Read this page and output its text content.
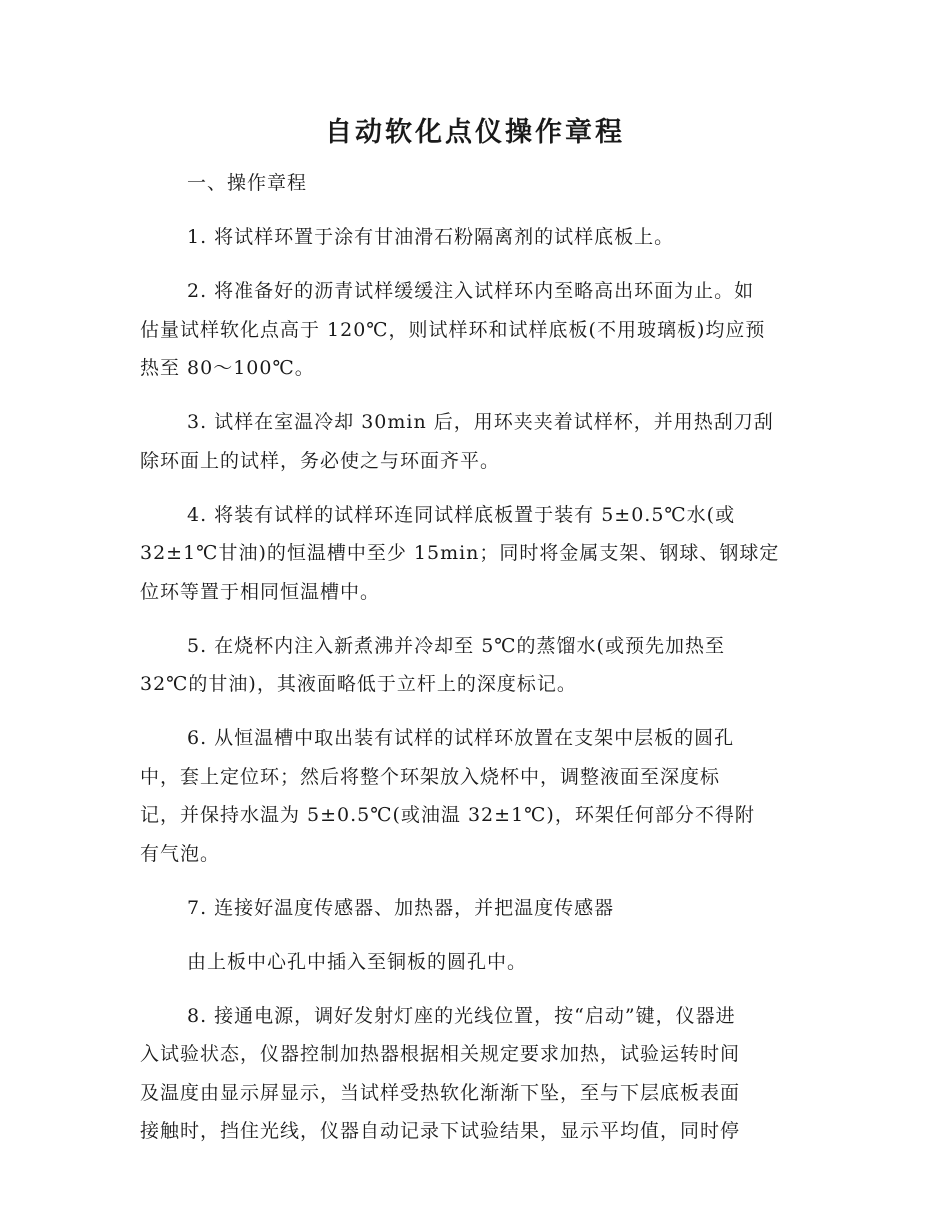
自动软化点仪操作章程

一、操作章程

1. 将试样环置于涂有甘油滑石粉隔离剂的试样底板上。

2. 将准备好的沥青试样缓缓注入试样环内至略高出环面为止。如
估量试样软化点高于 120℃，则试样环和试样底板(不用玻璃板)均应预
热至 80～100℃。

3. 试样在室温冷却 30min 后，用环夹夹着试样杯，并用热刮刀刮
除环面上的试样，务必使之与环面齐平。

4. 将装有试样的试样环连同试样底板置于装有 5±0.5℃水(或
32±1℃甘油)的恒温槽中至少 15min；同时将金属支架、钢球、钢球定
位环等置于相同恒温槽中。

5. 在烧杯内注入新煮沸并冷却至 5℃的蒸馏水(或预先加热至
32℃的甘油)，其液面略低于立杆上的深度标记。

6. 从恒温槽中取出装有试样的试样环放置在支架中层板的圆孔
中，套上定位环；然后将整个环架放入烧杯中，调整液面至深度标
记，并保持水温为 5±0.5℃(或油温 32±1℃)，环架任何部分不得附
有气泡。

7. 连接好温度传感器、加热器，并把温度传感器

由上板中心孔中插入至铜板的圆孔中。

8. 接通电源，调好发射灯座的光线位置，按“启动”键，仪器进
入试验状态，仪器控制加热器根据相关规定要求加热，试验运转时间
及温度由显示屏显示，当试样受热软化渐渐下坠，至与下层底板表面
接触时，挡住光线，仪器自动记录下试验结果，显示平均值，同时停
